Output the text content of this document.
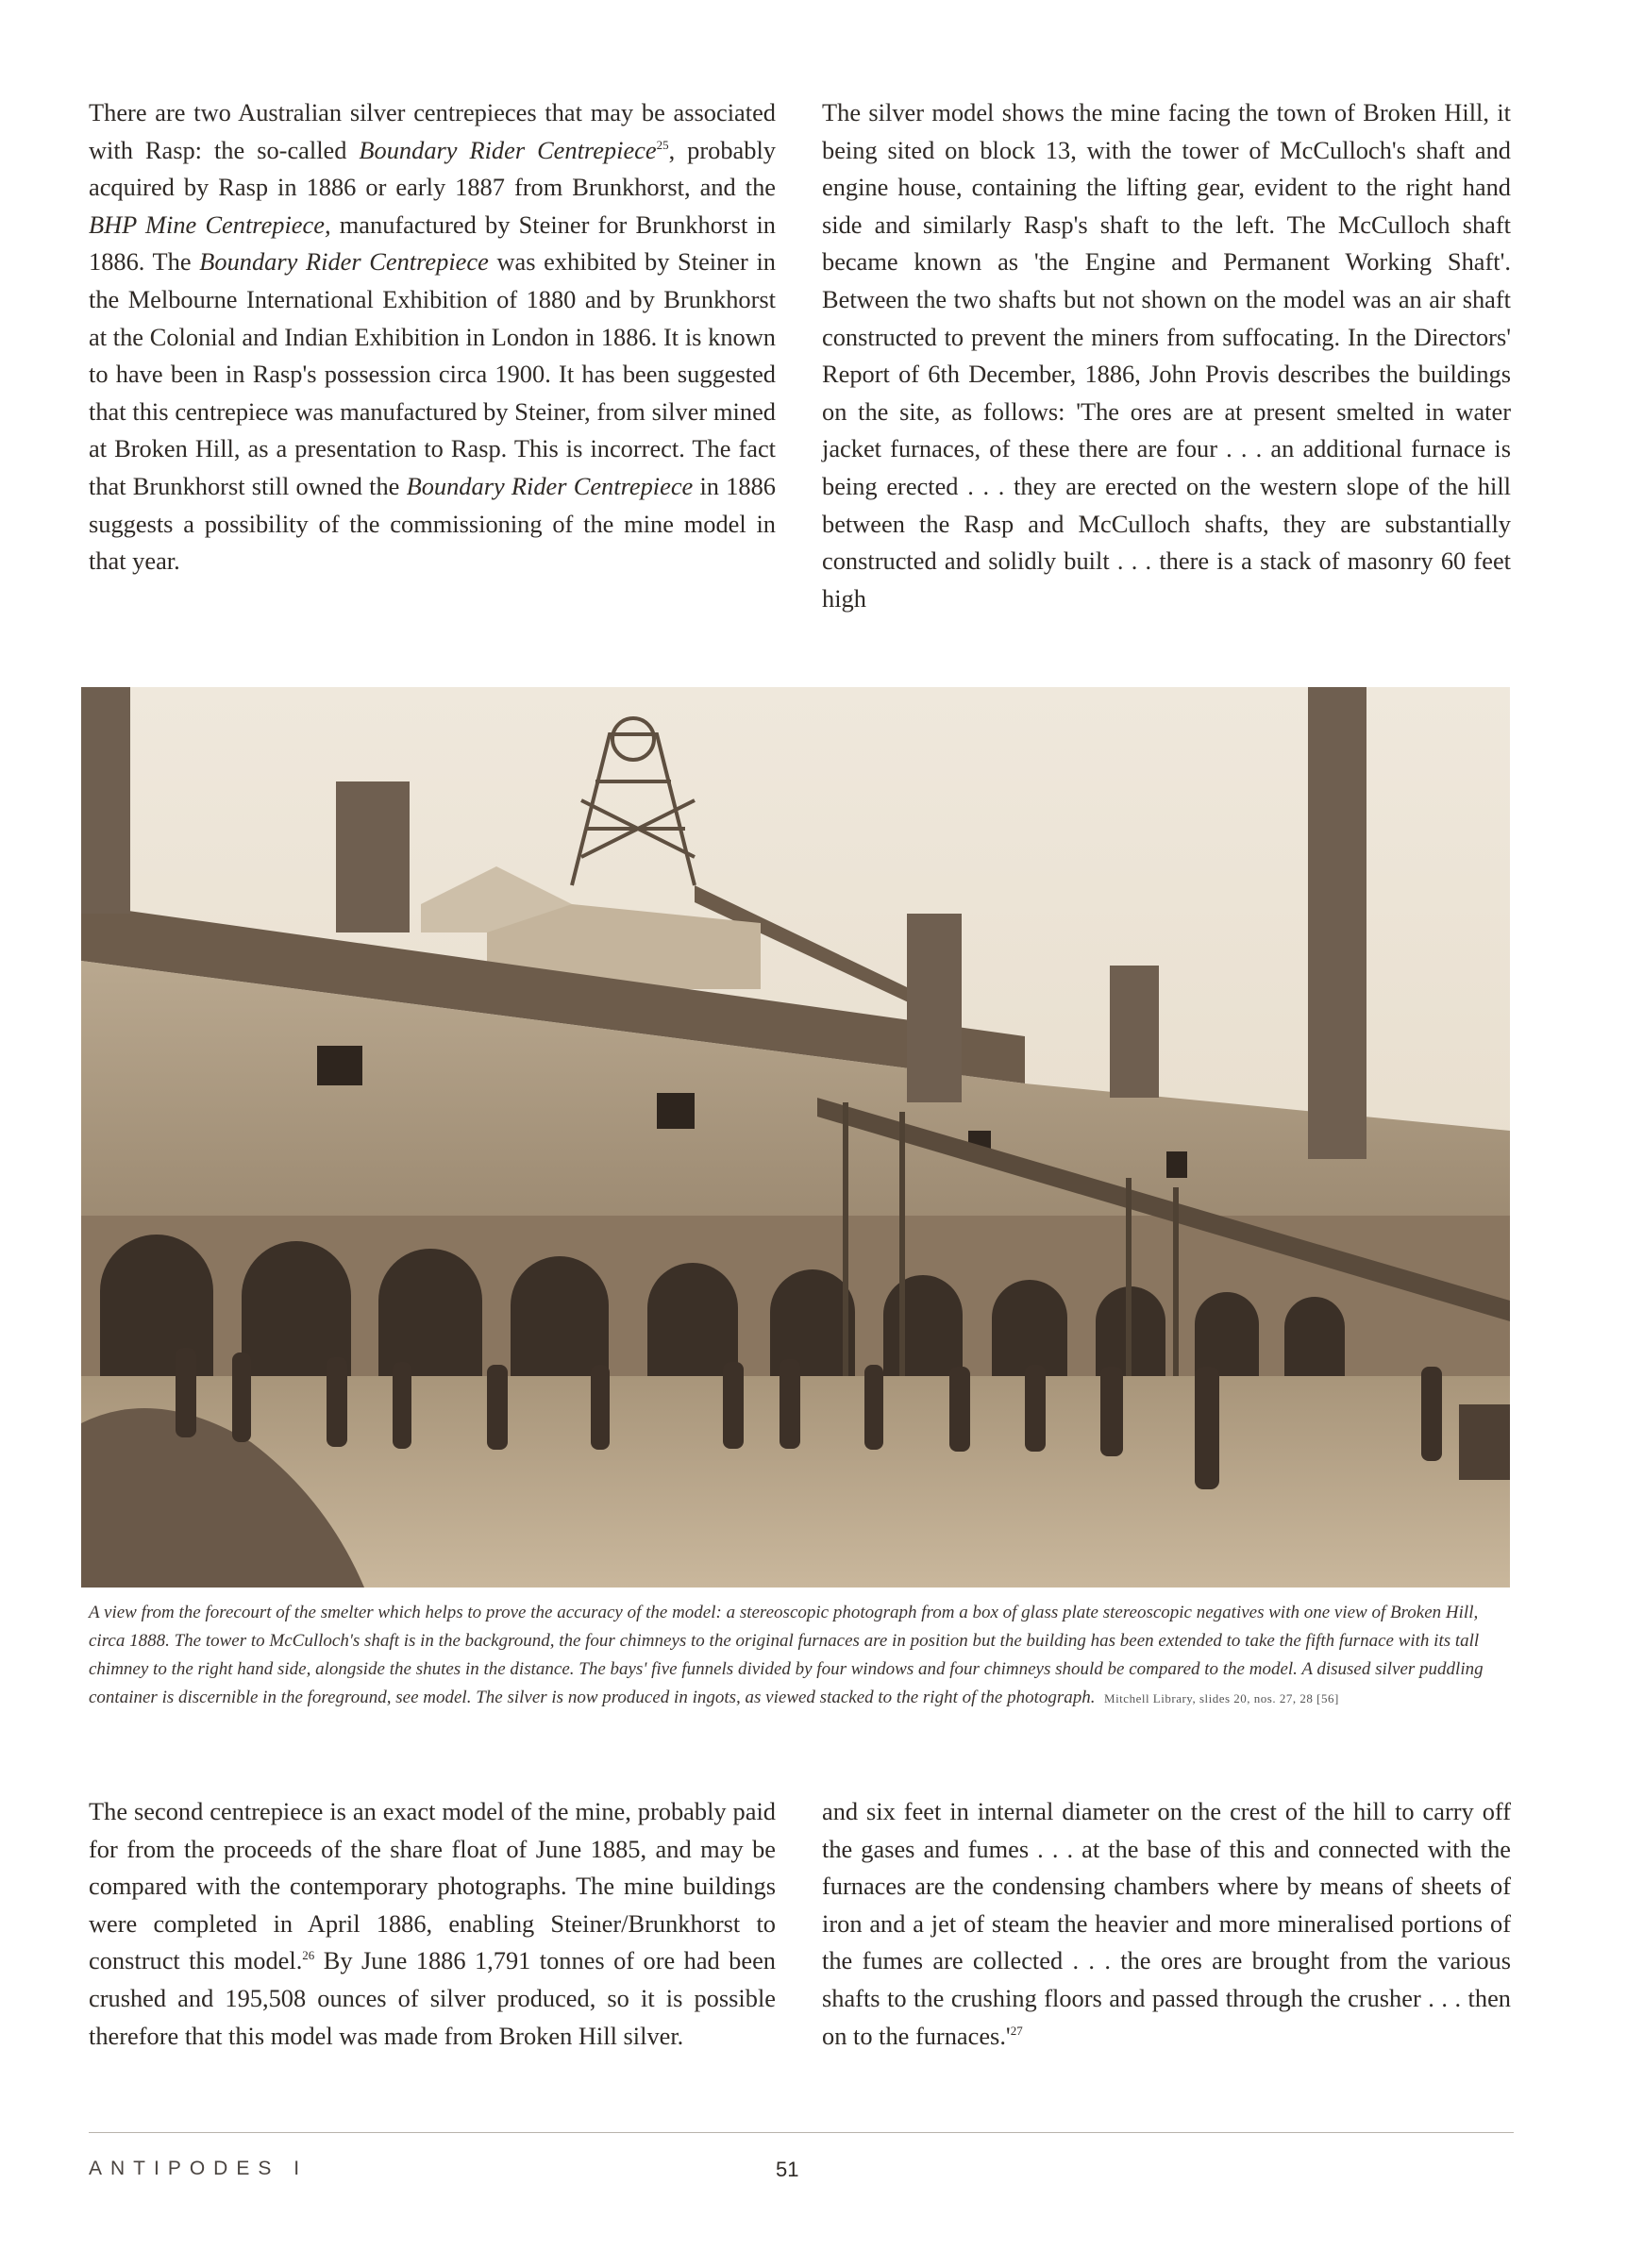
There are two Australian silver centrepieces that may be associated with Rasp: the so-called Boundary Rider Centrepiece$^{25}$, probably acquired by Rasp in 1886 or early 1887 from Brunkhorst, and the BHP Mine Centrepiece, manufactured by Steiner for Brunkhorst in 1886. The Boundary Rider Centrepiece was exhibited by Steiner in the Melbourne International Exhibition of 1880 and by Brunkhorst at the Colonial and Indian Exhibition in London in 1886. It is known to have been in Rasp's possession circa 1900. It has been suggested that this centrepiece was manufactured by Steiner, from silver mined at Broken Hill, as a presentation to Rasp. This is incorrect. The fact that Brunkhorst still owned the Boundary Rider Centrepiece in 1886 suggests a possibility of the commissioning of the mine model in that year.

The silver model shows the mine facing the town of Broken Hill, it being sited on block 13, with the tower of McCulloch's shaft and engine house, containing the lifting gear, evident to the right hand side and similarly Rasp's shaft to the left. The McCulloch shaft became known as 'the Engine and Permanent Working Shaft'. Between the two shafts but not shown on the model was an air shaft constructed to prevent the miners from suffocating. In the Directors' Report of 6th December, 1886, John Provis describes the buildings on the site, as follows: 'The ores are at present smelted in water jacket furnaces, of these there are four . . . an additional furnace is being erected . . . they are erected on the western slope of the hill between the Rasp and McCulloch shafts, they are substantially constructed and solidly built . . . there is a stack of masonry 60 feet high

A view from the forecourt of the smelter which helps to prove the accuracy of the model: a stereoscopic photograph from a box of glass plate stereoscopic negatives with one view of Broken Hill, circa 1888. The tower to McCulloch's shaft is in the background, the four chimneys to the original furnaces are in position but the building has been extended to take the fifth furnace with its tall chimney to the right hand side, alongside the shutes in the distance. The bays' five funnels divided by four windows and four chimneys should be compared to the model. A disused silver puddling container is discernible in the foreground, see model. The silver is now produced in ingots, as viewed stacked to the right of the photograph. Mitchell Library, slides 20, nos. 27, 28 [56]

The second centrepiece is an exact model of the mine, probably paid for from the proceeds of the share float of June 1885, and may be compared with the contemporary photographs. The mine buildings were completed in April 1886, enabling Steiner/Brunkhorst to construct this model.$^{26}$ By June 1886 1,791 tonnes of ore had been crushed and 195,508 ounces of silver produced, so it is possible therefore that this model was made from Broken Hill silver.

and six feet in internal diameter on the crest of the hill to carry off the gases and fumes . . . at the base of this and connected with the furnaces are the condensing chambers where by means of sheets of iron and a jet of steam the heavier and more mineralised portions of the fumes are collected . . . the ores are brought from the various shafts to the crushing floors and passed through the crusher . . . then on to the furnaces.'$^{27}$

ANTIPODES I	51
